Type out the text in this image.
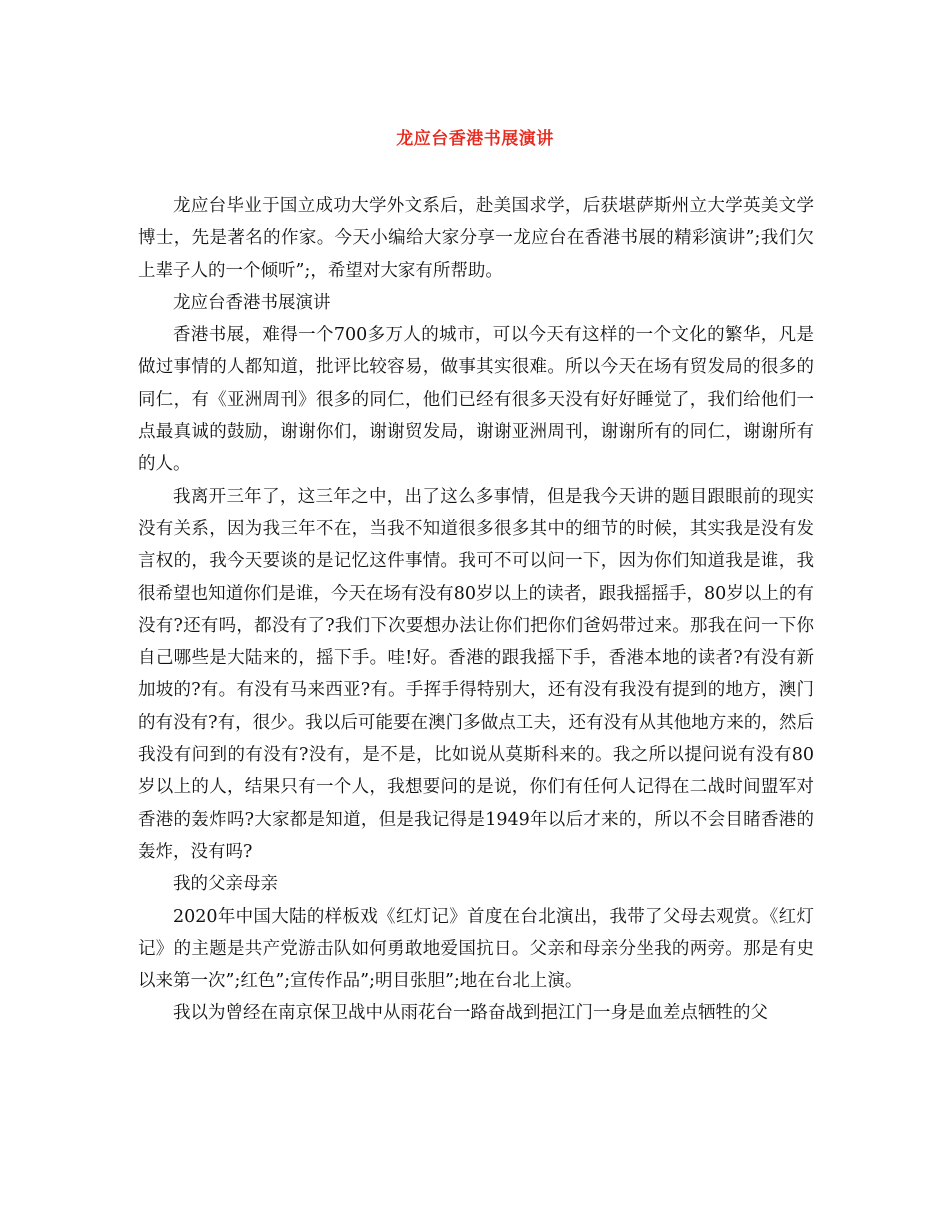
龙应台香港书展演讲

龙应台毕业于国立成功大学外文系后，赴美国求学，后获堪萨斯州立大学英美文学博士，先是著名的作家。今天小编给大家分享一龙应台在香港书展的精彩演讲”;我们欠上辈子人的一个倾听”;，希望对大家有所帮助。

龙应台香港书展演讲

香港书展，难得一个700多万人的城市，可以今天有这样的一个文化的繁华，凡是做过事情的人都知道，批评比较容易，做事其实很难。所以今天在场有贸发局的很多的同仁，有《亚洲周刊》很多的同仁，他们已经有很多天没有好好睡觉了，我们给他们一点最真诚的鼓励，谢谢你们，谢谢贸发局，谢谢亚洲周刊，谢谢所有的同仁，谢谢所有的人。

我离开三年了，这三年之中，出了这么多事情，但是我今天讲的题目跟眼前的现实没有关系，因为我三年不在，当我不知道很多很多其中的细节的时候，其实我是没有发言权的，我今天要谈的是记忆这件事情。我可不可以问一下，因为你们知道我是谁，我很希望也知道你们是谁，今天在场有没有80岁以上的读者，跟我摇摇手，80岁以上的有没有?还有吗，都没有了?我们下次要想办法让你们把你们爸妈带过来。那我在问一下你自己哪些是大陆来的，摇下手。哇!好。香港的跟我摇下手，香港本地的读者?有没有新加坡的?有。有没有马来西亚?有。手挥手得特别大，还有没有我没有提到的地方，澳门的有没有?有，很少。我以后可能要在澳门多做点工夫，还有没有从其他地方来的，然后我没有问到的有没有?没有，是不是，比如说从莫斯科来的。我之所以提问说有没有80岁以上的人，结果只有一个人，我想要问的是说，你们有任何人记得在二战时间盟军对香港的轰炸吗?大家都是知道，但是我记得是1949年以后才来的，所以不会目睹香港的轰炸，没有吗?

我的父亲母亲

2020年中国大陆的样板戏《红灯记》首度在台北演出，我带了父母去观赏。《红灯记》的主题是共产党游击队如何勇敢地爱国抗日。父亲和母亲分坐我的两旁。那是有史以来第一次”;红色”;宣传作品”;明目张胆”;地在台北上演。

我以为曾经在南京保卫战中从雨花台一路奋战到挹江门一身是血差点牺牲的父
